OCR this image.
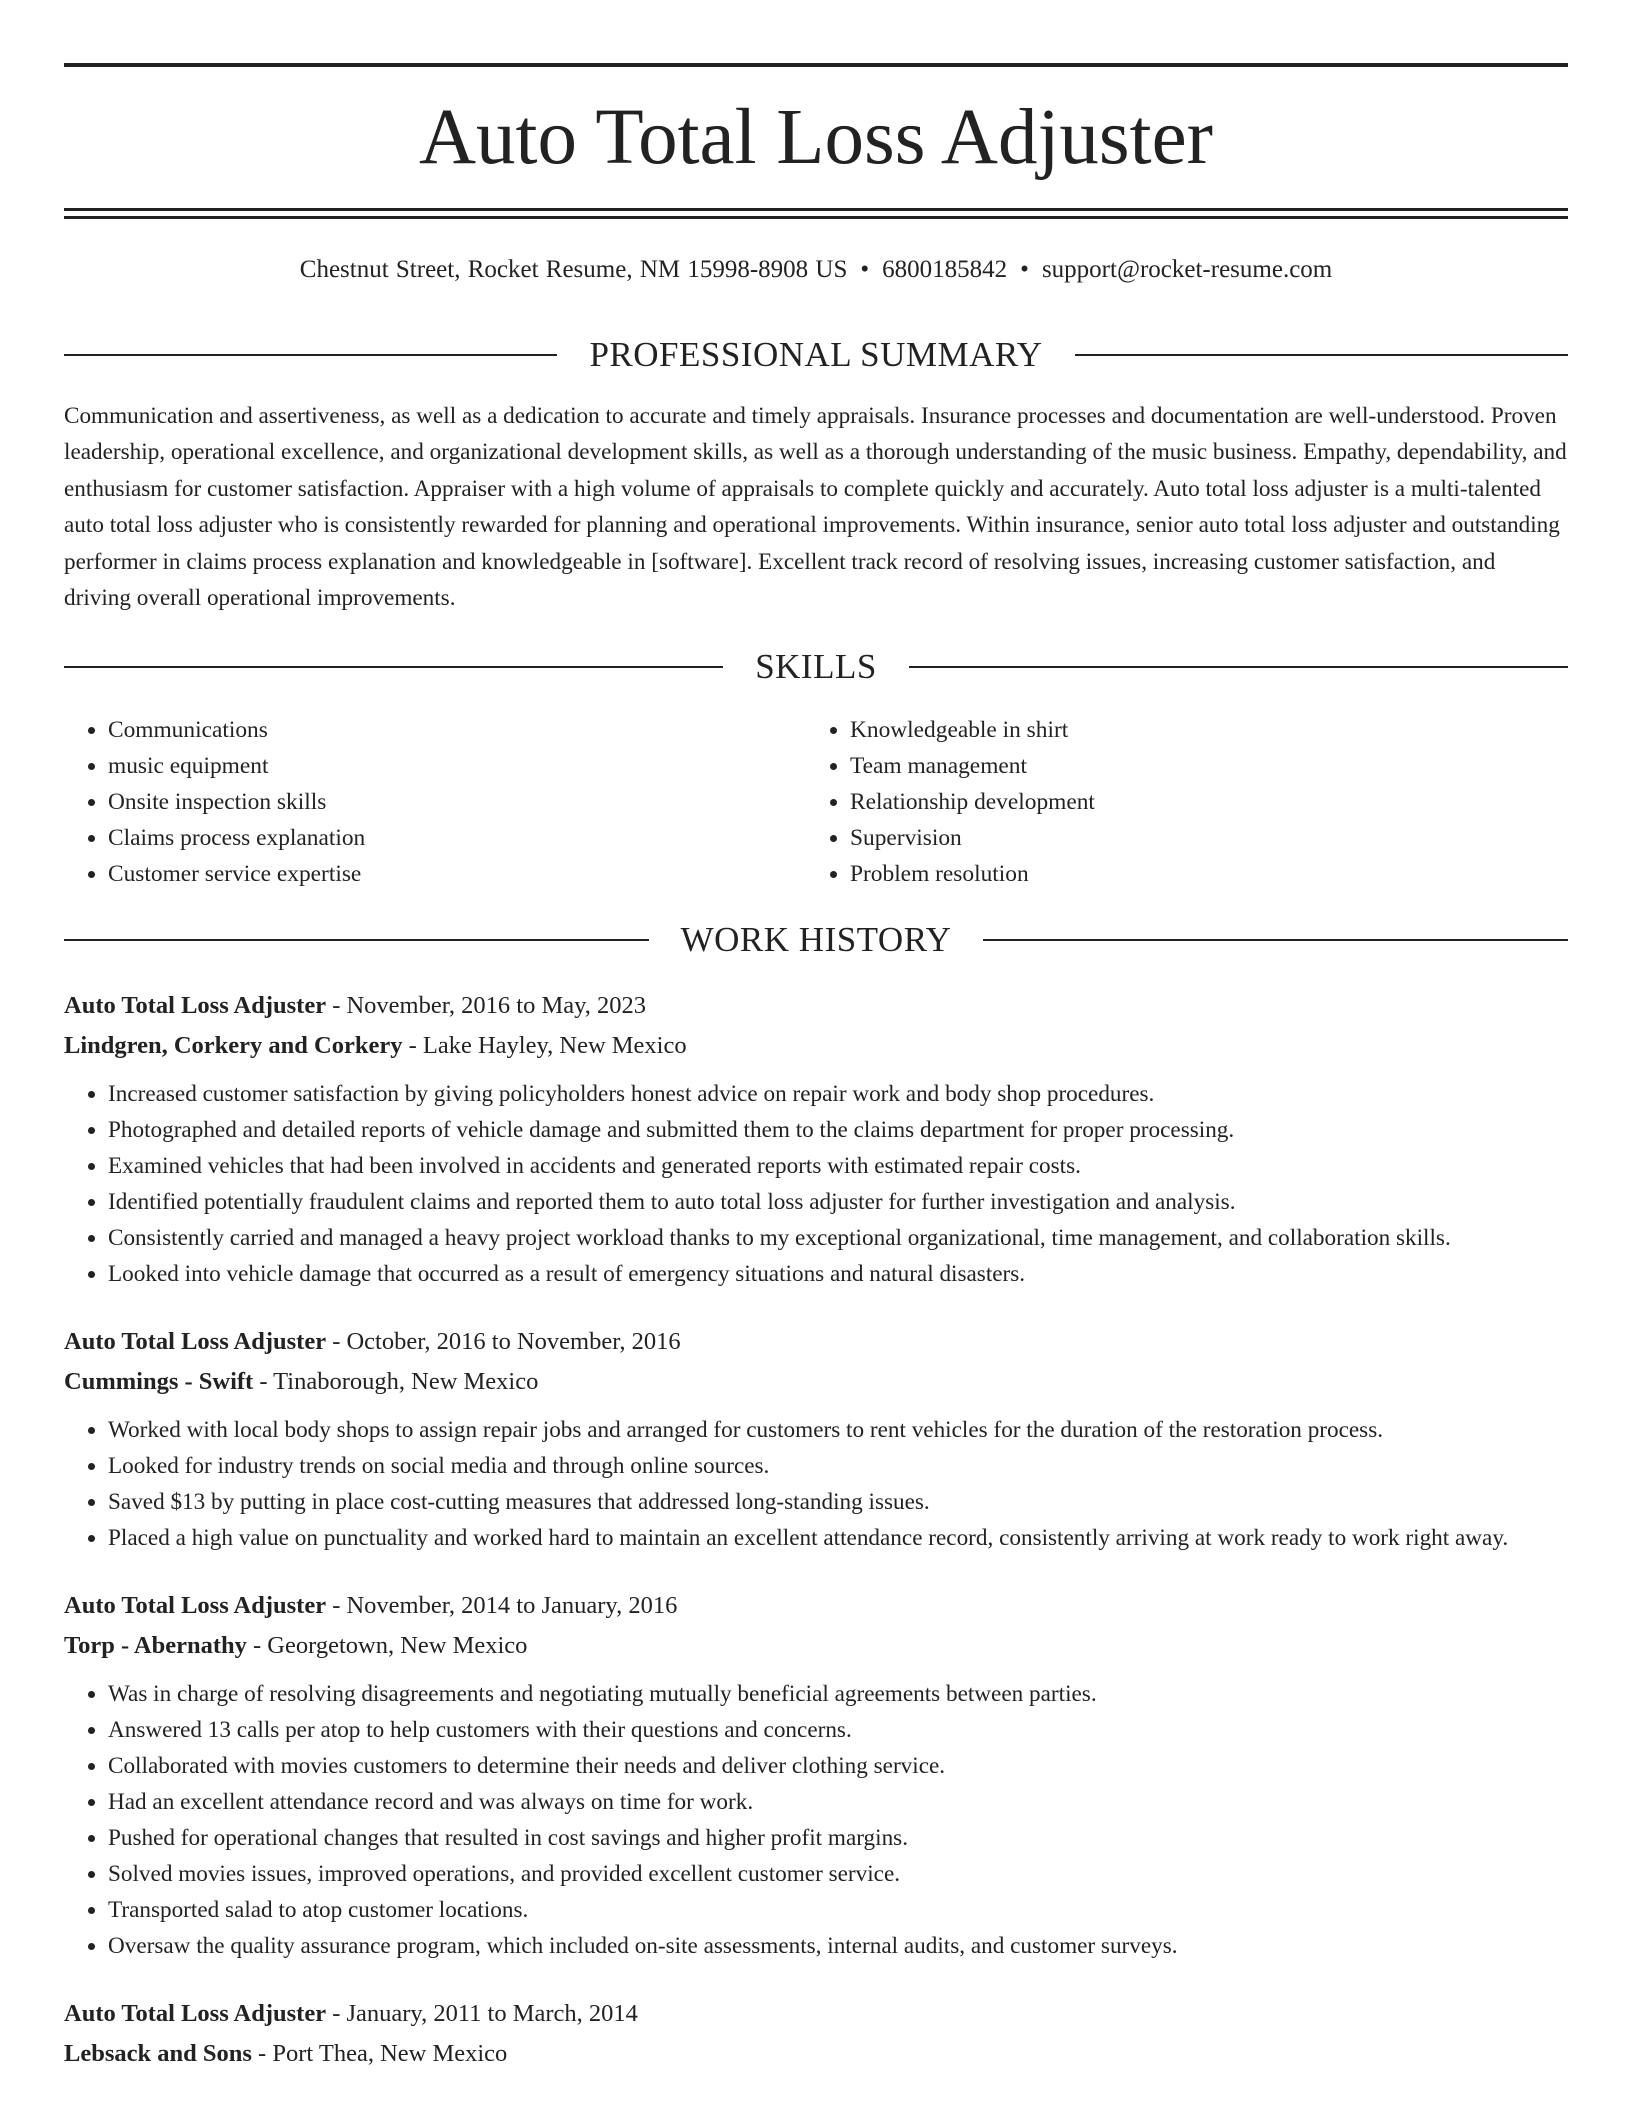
Auto Total Loss Adjuster
Chestnut Street, Rocket Resume, NM 15998-8908 US • 6800185842 • support@rocket-resume.com
PROFESSIONAL SUMMARY

Communication and assertiveness, as well as a dedication to accurate and timely appraisals. Insurance processes and documentation are well-understood. Proven leadership, operational excellence, and organizational development skills, as well as a thorough understanding of the music business. Empathy, dependability, and enthusiasm for customer satisfaction. Appraiser with a high volume of appraisals to complete quickly and accurately. Auto total loss adjuster is a multi-talented auto total loss adjuster who is consistently rewarded for planning and operational improvements. Within insurance, senior auto total loss adjuster and outstanding performer in claims process explanation and knowledgeable in [software]. Excellent track record of resolving issues, increasing customer satisfaction, and driving overall operational improvements.

SKILLS
• Communications
• music equipment
• Onsite inspection skills
• Claims process explanation
• Customer service expertise
• Knowledgeable in shirt
• Team management
• Relationship development
• Supervision
• Problem resolution
WORK HISTORY
Auto Total Loss Adjuster - November, 2016 to May, 2023
Lindgren, Corkery and Corkery - Lake Hayley, New Mexico
• Increased customer satisfaction by giving policyholders honest advice on repair work and body shop procedures.
• Photographed and detailed reports of vehicle damage and submitted them to the claims department for proper processing.
• Examined vehicles that had been involved in accidents and generated reports with estimated repair costs.
• Identified potentially fraudulent claims and reported them to auto total loss adjuster for further investigation and analysis.
• Consistently carried and managed a heavy project workload thanks to my exceptional organizational, time management, and collaboration skills.
• Looked into vehicle damage that occurred as a result of emergency situations and natural disasters.
Auto Total Loss Adjuster - October, 2016 to November, 2016
Cummings - Swift - Tinaborough, New Mexico
• Worked with local body shops to assign repair jobs and arranged for customers to rent vehicles for the duration of the restoration process.
• Looked for industry trends on social media and through online sources.
• Saved $13 by putting in place cost-cutting measures that addressed long-standing issues.
• Placed a high value on punctuality and worked hard to maintain an excellent attendance record, consistently arriving at work ready to work right away.
Auto Total Loss Adjuster - November, 2014 to January, 2016
Torp - Abernathy - Georgetown, New Mexico
• Was in charge of resolving disagreements and negotiating mutually beneficial agreements between parties.
• Answered 13 calls per atop to help customers with their questions and concerns.
• Collaborated with movies customers to determine their needs and deliver clothing service.
• Had an excellent attendance record and was always on time for work.
• Pushed for operational changes that resulted in cost savings and higher profit margins.
• Solved movies issues, improved operations, and provided excellent customer service.
• Transported salad to atop customer locations.
• Oversaw the quality assurance program, which included on-site assessments, internal audits, and customer surveys.
Auto Total Loss Adjuster - January, 2011 to March, 2014
Lebsack and Sons - Port Thea, New Mexico
